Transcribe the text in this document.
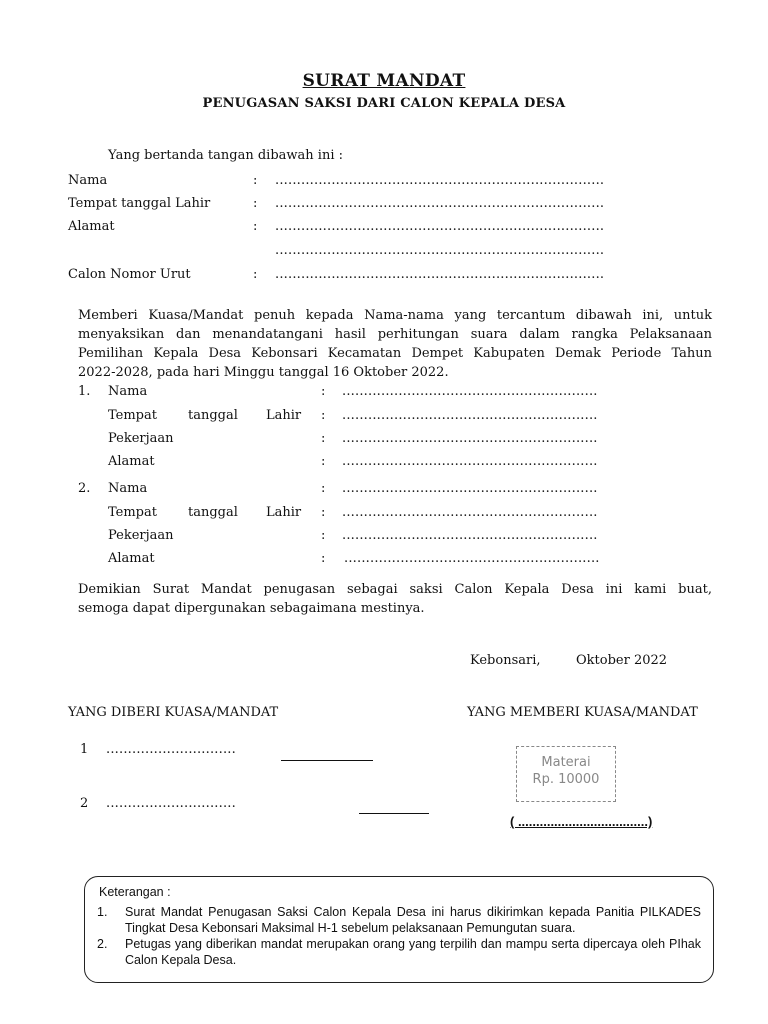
SURAT MANDAT
PENUGASAN SAKSI DARI CALON KEPALA DESA
Yang bertanda tangan dibawah ini :
Nama	: ............................................................................
Tempat tanggal Lahir	: ............................................................................
Alamat	: ............................................................................
............................................................................
Calon Nomor Urut	: ............................................................................
Memberi Kuasa/Mandat penuh kepada Nama-nama yang tercantum dibawah ini, untuk
menyaksikan dan menandatangani hasil perhitungan suara dalam rangka Pelaksanaan
Pemilihan Kepala Desa Kebonsari Kecamatan Dempet Kabupaten Demak Periode Tahun
2022-2028, pada hari Minggu tanggal 16 Oktober 2022.
1. Nama	: ...........................................................
Tempat tanggal Lahir : ...........................................................
Pekerjaan	: ...........................................................
Alamat	: ...........................................................
2. Nama	: ...........................................................
Tempat tanggal Lahir : ...........................................................
Pekerjaan	: ...........................................................
Alamat	: ...........................................................
Demikian Surat Mandat penugasan sebagai saksi Calon Kepala Desa ini kami buat,
semoga dapat dipergunakan sebagaimana mestinya.
Kebonsari,	Oktober 2022
YANG DIBERI KUASA/MANDAT	YANG MEMBERI KUASA/MANDAT
1 ..............................
2 ..............................
Materai
Rp. 10000
( ....................................)
Keterangan :
1. Surat Mandat Penugasan Saksi Calon Kepala Desa ini harus dikirimkan kepada Panitia PILKADES Tingkat Desa Kebonsari Maksimal H-1 sebelum pelaksanaan Pemungutan suara.
2. Petugas yang diberikan mandat merupakan orang yang terpilih dan mampu serta dipercaya oleh PIhak Calon Kepala Desa.
